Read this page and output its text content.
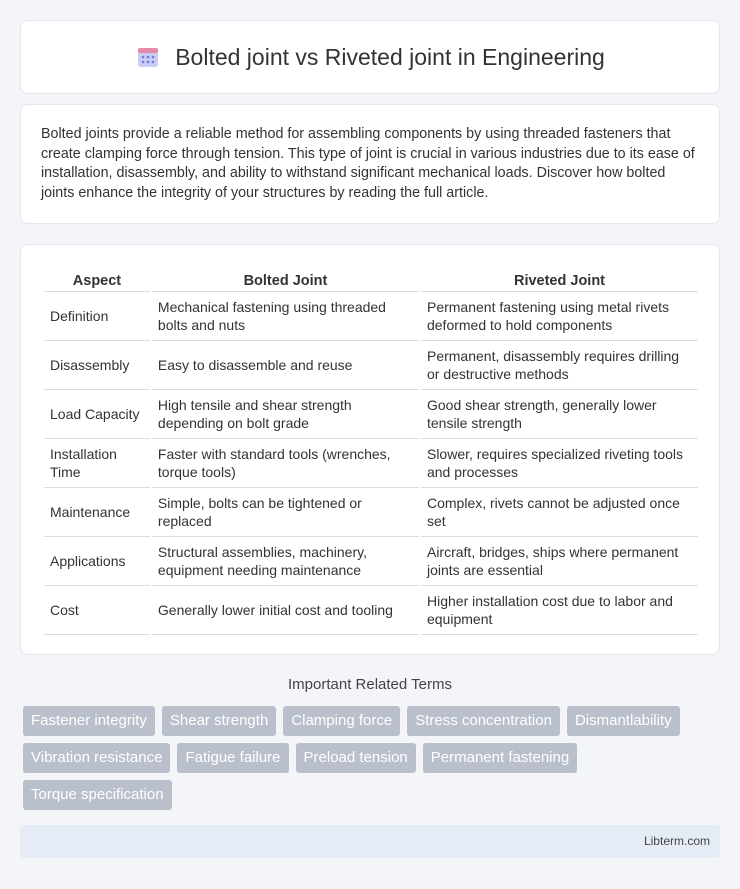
Bolted joint vs Riveted joint in Engineering

Bolted joints provide a reliable method for assembling components by using threaded fasteners that create clamping force through tension. This type of joint is crucial in various industries due to its ease of installation, disassembly, and ability to withstand significant mechanical loads. Discover how bolted joints enhance the integrity of your structures by reading the full article.

Aspect	Bolted Joint	Riveted Joint
Definition	Mechanical fastening using threaded bolts and nuts	Permanent fastening using metal rivets deformed to hold components
Disassembly	Easy to disassemble and reuse	Permanent, disassembly requires drilling or destructive methods
Load Capacity	High tensile and shear strength depending on bolt grade	Good shear strength, generally lower tensile strength
Installation Time	Faster with standard tools (wrenches, torque tools)	Slower, requires specialized riveting tools and processes
Maintenance	Simple, bolts can be tightened or replaced	Complex, rivets cannot be adjusted once set
Applications	Structural assemblies, machinery, equipment needing maintenance	Aircraft, bridges, ships where permanent joints are essential
Cost	Generally lower initial cost and tooling	Higher installation cost due to labor and equipment
Important Related Terms
Fastener integrity	Shear strength	Clamping force	Stress concentration	Dismantlability
Vibration resistance	Fatigue failure	Preload tension	Permanent fastening
Torque specification
Libterm.com
